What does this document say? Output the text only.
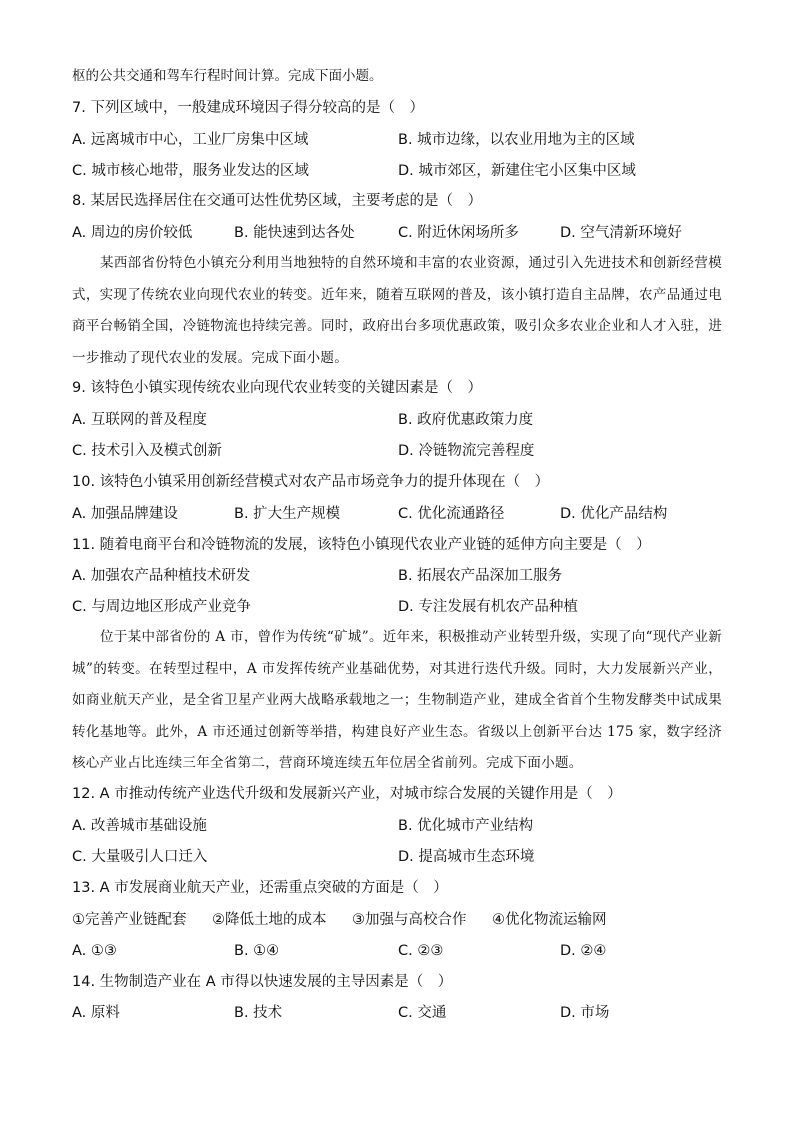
枢的公共交通和驾车行程时间计算。完成下面小题。
7. 下列区域中，一般建成环境因子得分较高的是（　）
A. 远离城市中心，工业厂房集中区域	B. 城市边缘，以农业用地为主的区域
C. 城市核心地带，服务业发达的区域	D. 城市郊区，新建住宅小区集中区域
8. 某居民选择居住在交通可达性优势区域，主要考虑的是（　）
A. 周边的房价较低	B. 能快速到达各处	C. 附近休闲场所多	D. 空气清新环境好
某西部省份特色小镇充分利用当地独特的自然环境和丰富的农业资源，通过引入先进技术和创新经营模式，实现了传统农业向现代农业的转变。近年来，随着互联网的普及，该小镇打造自主品牌，农产品通过电商平台畅销全国，冷链物流也持续完善。同时，政府出台多项优惠政策，吸引众多农业企业和人才入驻，进一步推动了现代农业的发展。完成下面小题。
9. 该特色小镇实现传统农业向现代农业转变的关键因素是（　）
A. 互联网的普及程度	B. 政府优惠政策力度
C. 技术引入及模式创新	D. 冷链物流完善程度
10. 该特色小镇采用创新经营模式对农产品市场竞争力的提升体现在（　）
A. 加强品牌建设	B. 扩大生产规模	C. 优化流通路径	D. 优化产品结构
11. 随着电商平台和冷链物流的发展，该特色小镇现代农业产业链的延伸方向主要是（　）
A. 加强农产品种植技术研发	B. 拓展农产品深加工服务
C. 与周边地区形成产业竞争	D. 专注发展有机农产品种植
位于某中部省份的 A 市，曾作为传统“矿城”。近年来，积极推动产业转型升级，实现了向“现代产业新城”的转变。在转型过程中，A 市发挥传统产业基础优势，对其进行迭代升级。同时，大力发展新兴产业，如商业航天产业，是全省卫星产业两大战略承载地之一；生物制造产业，建成全省首个生物发酵类中试成果转化基地等。此外，A 市还通过创新等举措，构建良好产业生态。省级以上创新平台达 175 家，数字经济核心产业占比连续三年全省第二，营商环境连续五年位居全省前列。完成下面小题。
12. A 市推动传统产业迭代升级和发展新兴产业，对城市综合发展的关键作用是（　）
A. 改善城市基础设施	B. 优化城市产业结构
C. 大量吸引人口迁入	D. 提高城市生态环境
13. A 市发展商业航天产业，还需重点突破的方面是（　）
①完善产业链配套 ②降低土地的成本 ③加强与高校合作 ④优化物流运输网
A. ①③	B. ①④	C. ②③	D. ②④
14. 生物制造产业在 A 市得以快速发展的主导因素是（　）
A. 原料	B. 技术	C. 交通	D. 市场
